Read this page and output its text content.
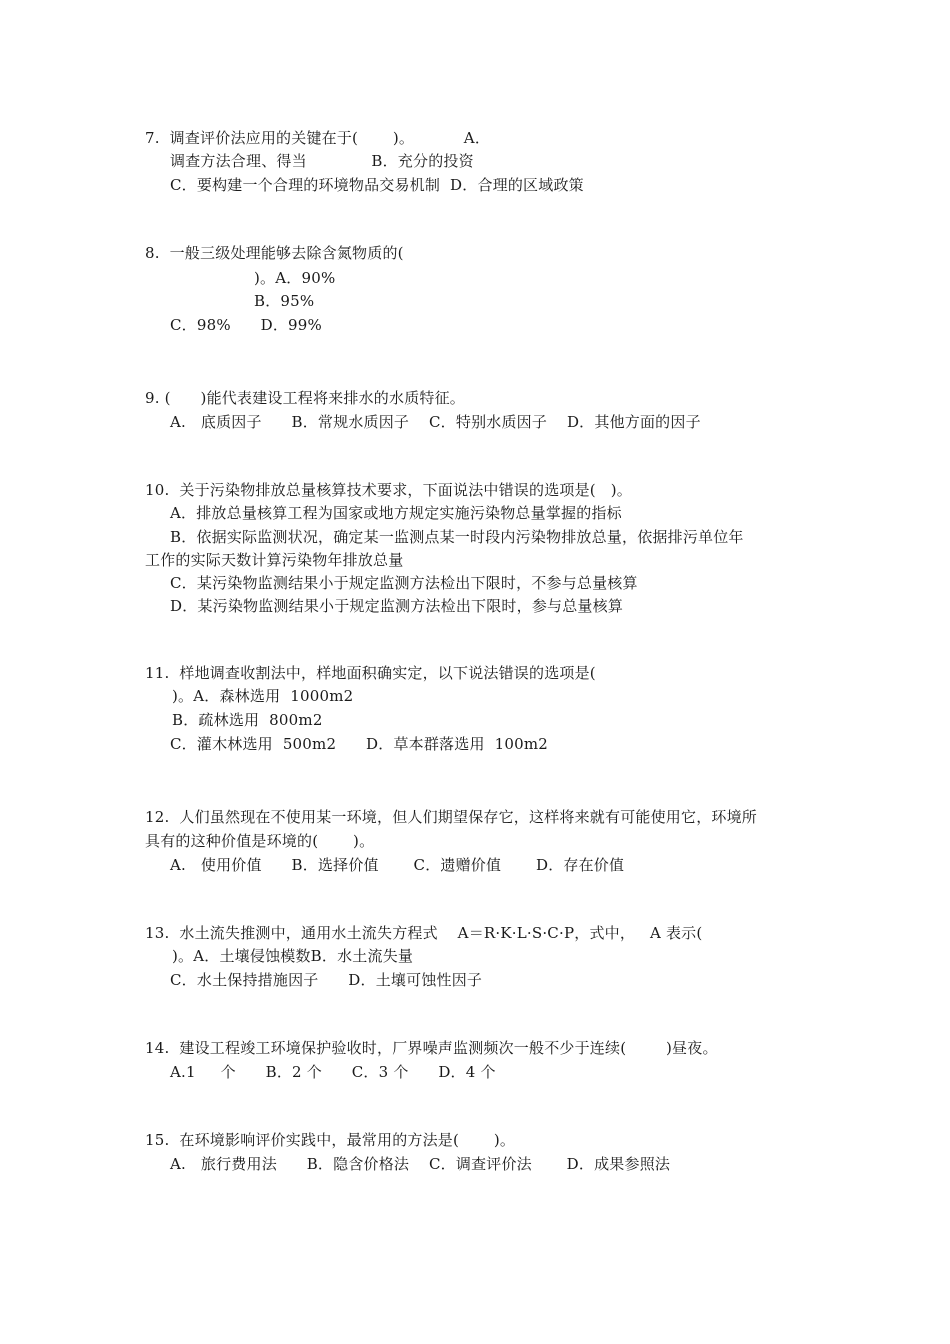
7.  调查评价法应用的关键在于(       )。          A．
调查方法合理、得当             B．充分的投资
C．要构建一个合理的环境物品交易机制  D．合理的区域政策
8.  一般三级处理能够去除含氮物质的(
)。A．90%
B．95%
C．98%      D．99%
9. (      )能代表建设工程将来排水的水质特征。
A.   底质因子      B．常规水质因子    C．特别水质因子    D．其他方面的因子
10.  关于污染物排放总量核算技术要求，下面说法中错误的选项是(   )。
A．排放总量核算工程为国家或地方规定实施污染物总量掌握的指标
B．依据实际监测状况，确定某一监测点某一时段内污染物排放总量，依据排污单位年
工作的实际天数计算污染物年排放总量
C．某污染物监测结果小于规定监测方法检出下限时，不参与总量核算
D．某污染物监测结果小于规定监测方法检出下限时，参与总量核算
11.  样地调查收割法中，样地面积确实定，以下说法错误的选项是(
)。A．森林选用  1000m2
B．疏林选用  800m2
C．灌木林选用  500m2      D．草本群落选用  100m2
12.  人们虽然现在不使用某一环境，但人们期望保存它，这样将来就有可能使用它，环境所
具有的这种价值是环境的(       )。
A.   使用价值      B．选择价值       C．遗赠价值       D．存在价值
13.  水土流失推测中，通用水土流失方程式    A＝R·K·L·S·C·P，式中，   A 表示(
)。A．土壤侵蚀模数B．水土流失量
C．水土保持措施因子      D．土壤可蚀性因子
14.  建设工程竣工环境保护验收时，厂界噪声监测频次一般不少于连续(        )昼夜。
A.1     个      B．2 个      C．3 个      D．4 个
15.  在环境影响评价实践中，最常用的方法是(       )。
A.   旅行费用法      B．隐含价格法    C．调查评价法       D．成果参照法
